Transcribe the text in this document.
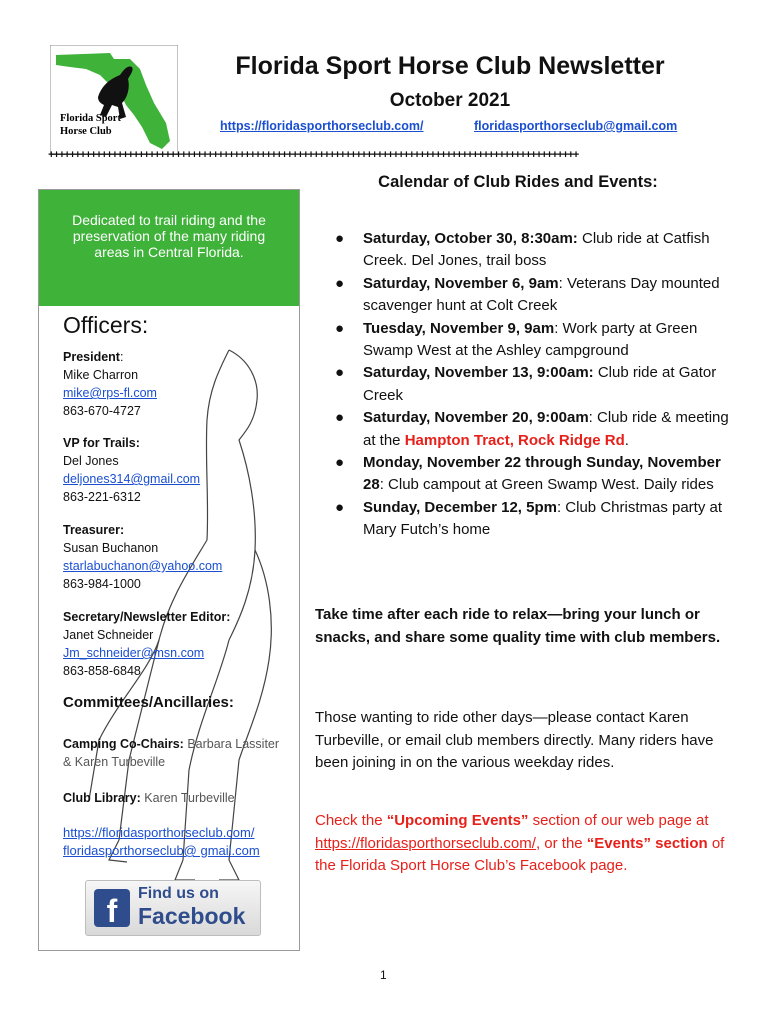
Florida Sport
Horse Club
Florida Sport Horse Club Newsletter
October 2021
https://floridasporthorseclub.com/	floridasporthorseclub@gmail.com
++++++++++++++++++++++++++++++++++++++++++++++++++++++++++++++++++++++++++++++++++++++++++++++++++++
Dedicated to trail riding and the preservation of the many riding areas in Central Florida.
Officers:
President:
Mike Charron
mike@rps-fl.com
863-670-4727
VP for Trails:
Del Jones
deljones314@gmail.com
863-221-6312
Treasurer:
Susan Buchanon
starlabuchanon@yahoo.com
863-984-1000
Secretary/Newsletter Editor:
Janet Schneider
Jm_schneider@msn.com
863-858-6848
Committees/Ancillaries:
Camping Co-Chairs: Barbara Lassiter & Karen Turbeville
Club Library: Karen Turbeville
https://floridasporthorseclub.com/
floridasporthorseclub@ gmail.com
f	Find us on
Facebook
Calendar of Club Rides and Events:
● Saturday, October 30, 8:30am: Club ride at Catfish Creek. Del Jones, trail boss
● Saturday, November 6, 9am: Veterans Day mounted scavenger hunt at Colt Creek
● Tuesday, November 9, 9am: Work party at Green Swamp West at the Ashley campground
● Saturday, November 13, 9:00am: Club ride at Gator Creek
● Saturday, November 20, 9:00am: Club ride & meeting at the Hampton Tract, Rock Ridge Rd.
● Monday, November 22 through Sunday, November 28: Club campout at Green Swamp West. Daily rides
● Sunday, December 12, 5pm: Club Christmas party at Mary Futch’s home
Take time after each ride to relax—bring your lunch or snacks, and share some quality time with club members.
Those wanting to ride other days—please contact Karen Turbeville, or email club members directly. Many riders have been joining in on the various weekday rides.
Check the “Upcoming Events” section of our web page at https://floridasporthorseclub.com/, or the “Events” section of the Florida Sport Horse Club’s Facebook page.
1
